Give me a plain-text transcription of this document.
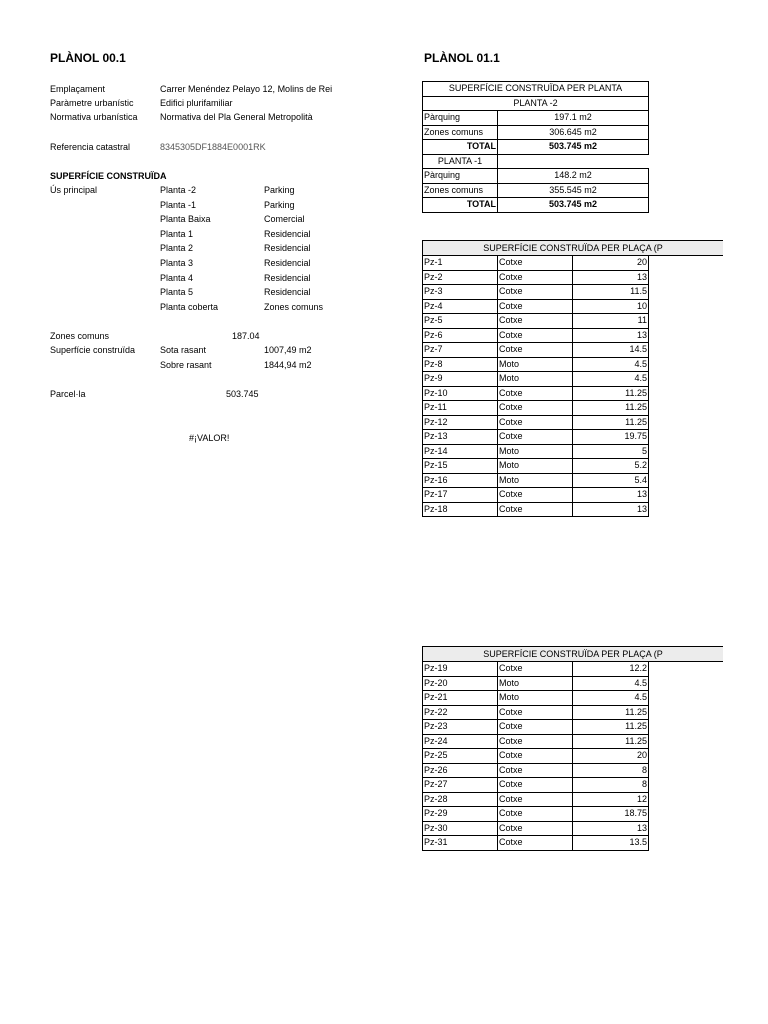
PLÀNOL 00.1
Emplaçament	Carrer Menéndez Pelayo 12, Molins de Rei
Paràmetre urbanístic	Edifici plurifamiliar
Normativa urbanística Normativa del Pla General Metropolità
Referencia catastral	8345305DF1884E0001RK
SUPERFÍCIE CONSTRUÏDA
Ús principal	Planta -2	Parking
Planta -1	Parking
Planta Baixa	Comercial
Planta 1	Residencial
Planta 2	Residencial
Planta 3	Residencial
Planta 4	Residencial
Planta 5	Residencial
Planta coberta	Zones comuns
Zones comuns	187.04
Superfície construïda	Sota rasant	1007,49 m2
Sobre rasant	1844,94 m2
Parcel·la	503.745
#¡VALOR!
PLÀNOL 01.1
SUPERFÍCIE CONSTRUÏDA PER PLANTA	
PLANTA -2	
Pàrquing	197.1 m2
Zones comuns	306.645 m2
TOTAL	503.745 m2
PLANTA -1	
Pàrquing	148.2 m2
Zones comuns	355.545 m2
TOTAL	503.745 m2
SUPERFÍCIE CONSTRUÏDA PER PLAÇA (P
Pz-1	Cotxe	20
Pz-2	Cotxe	13
Pz-3	Cotxe	11.5
Pz-4	Cotxe	10
Pz-5	Cotxe	11
Pz-6	Cotxe	13
Pz-7	Cotxe	14.5
Pz-8	Moto	4.5
Pz-9	Moto	4.5
Pz-10	Cotxe	11.25
Pz-11	Cotxe	11.25
Pz-12	Cotxe	11.25
Pz-13	Cotxe	19.75
Pz-14	Moto	5
Pz-15	Moto	5.2
Pz-16	Moto	5.4
Pz-17	Cotxe	13
Pz-18	Cotxe	13
SUPERFÍCIE CONSTRUÏDA PER PLAÇA (P
Pz-19	Cotxe	12.2
Pz-20	Moto	4.5
Pz-21	Moto	4.5
Pz-22	Cotxe	11.25
Pz-23	Cotxe	11.25
Pz-24	Cotxe	11.25
Pz-25	Cotxe	20
Pz-26	Cotxe	8
Pz-27	Cotxe	8
Pz-28	Cotxe	12
Pz-29	Cotxe	18.75
Pz-30	Cotxe	13
Pz-31	Cotxe	13.5
